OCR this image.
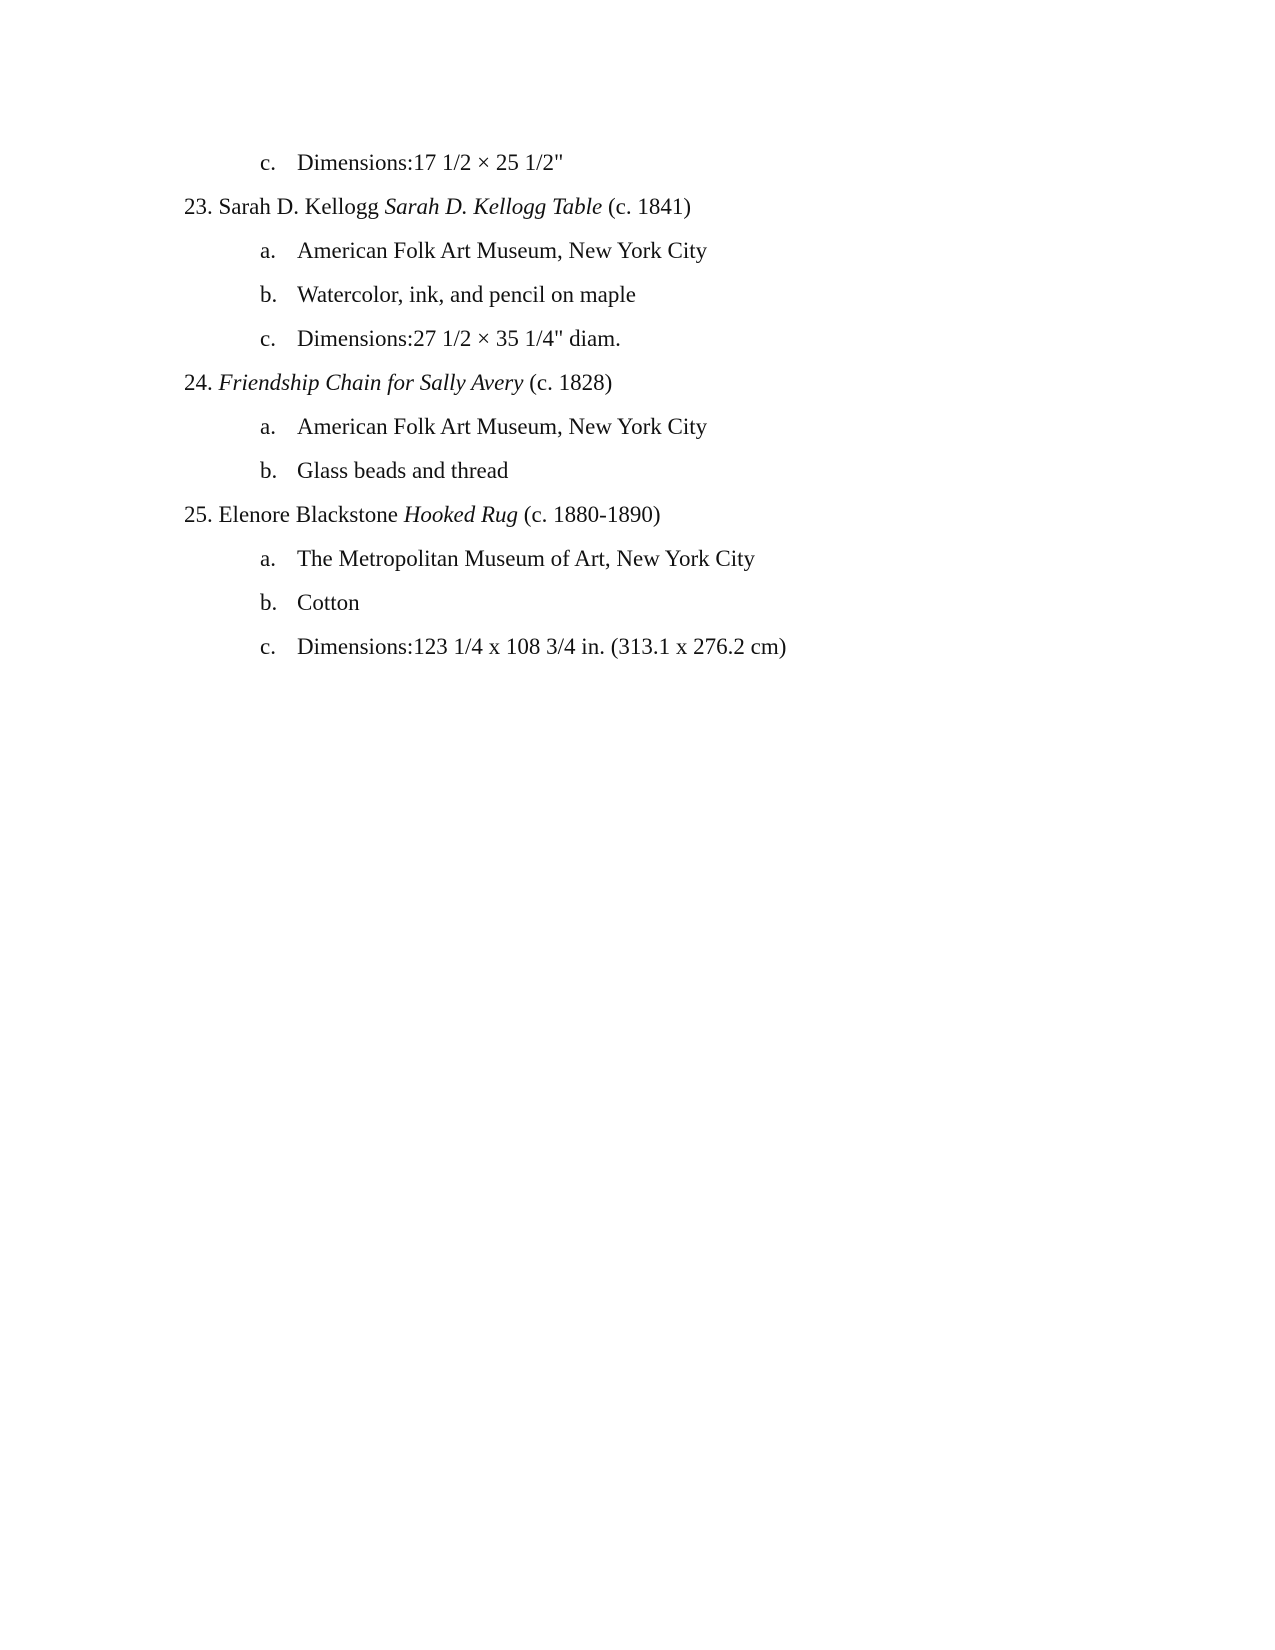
c. Dimensions:17 1/2 × 25 1/2"
23. Sarah D. Kellogg Sarah D. Kellogg Table (c. 1841)
a. American Folk Art Museum, New York City
b. Watercolor, ink, and pencil on maple
c. Dimensions:27 1/2 × 35 1/4" diam.
24. Friendship Chain for Sally Avery (c. 1828)
a. American Folk Art Museum, New York City
b. Glass beads and thread
25. Elenore Blackstone Hooked Rug (c. 1880-1890)
a. The Metropolitan Museum of Art, New York City
b. Cotton
c. Dimensions:123 1/4 x 108 3/4 in. (313.1 x 276.2 cm)
